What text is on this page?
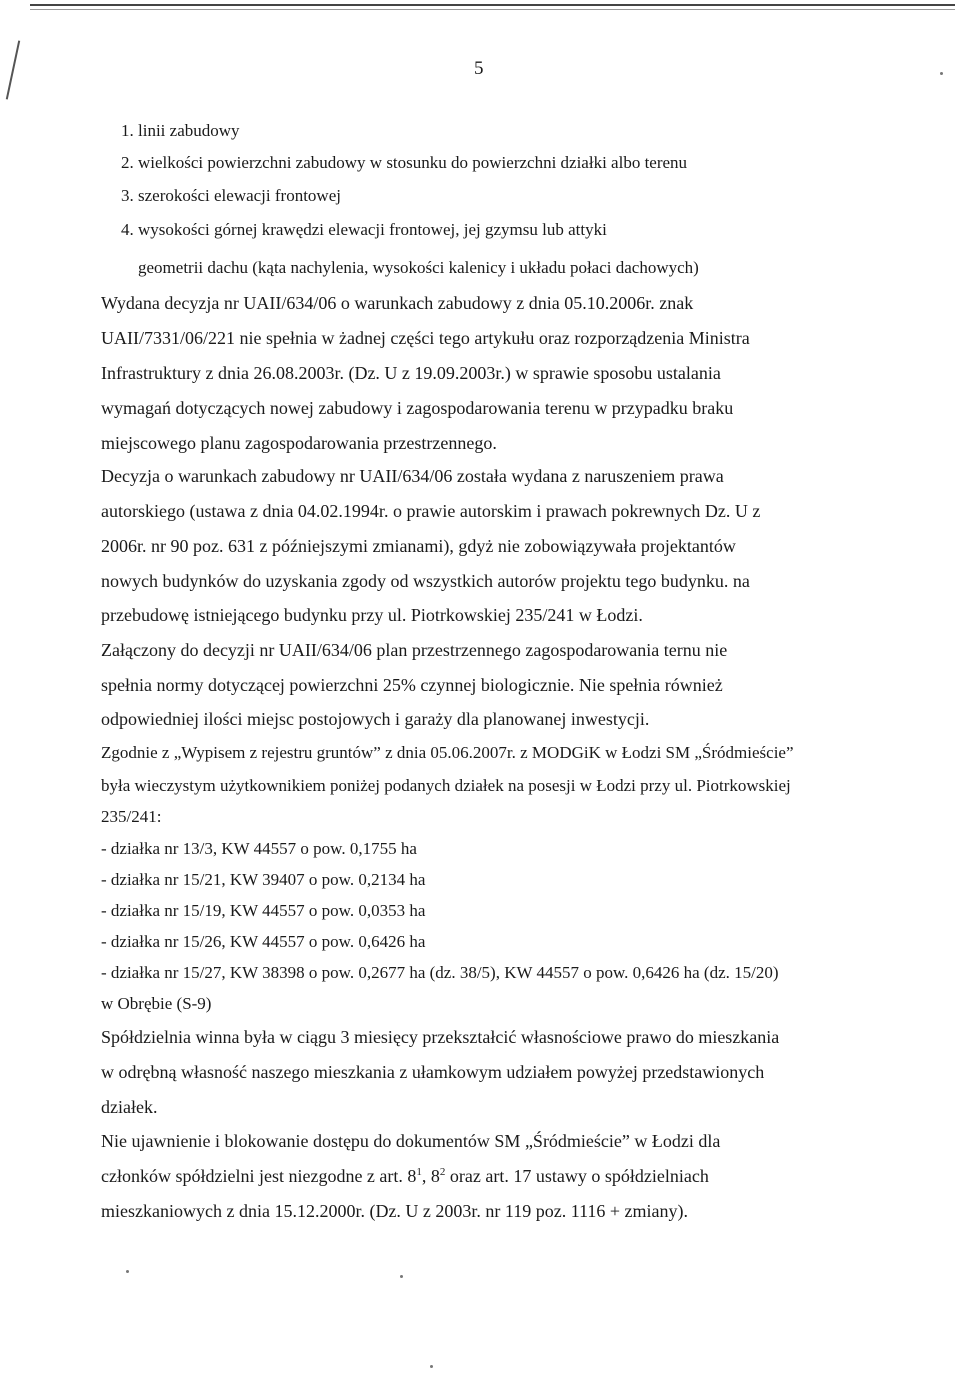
5
1. linii zabudowy
2. wielkości powierzchni zabudowy w stosunku do powierzchni działki albo terenu
3. szerokości elewacji frontowej
4. wysokości górnej krawędzi elewacji frontowej, jej gzymsu lub attyki
geometrii dachu (kąta nachylenia, wysokości kalenicy i układu połaci dachowych)
Wydana decyzja nr UAII/634/06 o warunkach zabudowy z dnia 05.10.2006r. znak
UAII/7331/06/221 nie spełnia w żadnej części tego artykułu oraz rozporządzenia Ministra
Infrastruktury z dnia 26.08.2003r. (Dz. U z 19.09.2003r.) w sprawie sposobu ustalania
wymagań dotyczących nowej zabudowy i zagospodarowania terenu w przypadku braku
miejscowego planu zagospodarowania przestrzennego.
Decyzja o warunkach zabudowy nr UAII/634/06 została wydana z naruszeniem prawa
autorskiego (ustawa z dnia 04.02.1994r. o prawie autorskim i prawach pokrewnych Dz. U z
2006r. nr 90 poz. 631 z późniejszymi zmianami), gdyż nie zobowiązywała projektantów
nowych budynków do uzyskania zgody od wszystkich autorów projektu tego budynku. na
przebudowę istniejącego budynku przy ul. Piotrkowskiej 235/241 w Łodzi.
Załączony do decyzji nr UAII/634/06 plan przestrzennego zagospodarowania ternu nie
spełnia normy dotyczącej powierzchni 25% czynnej biologicznie. Nie spełnia również
odpowiedniej ilości miejsc postojowych i garaży dla planowanej inwestycji.
Zgodnie z „Wypisem z rejestru gruntów” z dnia 05.06.2007r. z MODGiK w Łodzi SM „Śródmieście”
była wieczystym użytkownikiem poniżej podanych działek na posesji w Łodzi przy ul. Piotrkowskiej
235/241:
- działka nr 13/3, KW 44557 o pow. 0,1755 ha
- działka nr 15/21, KW 39407 o pow. 0,2134 ha
- działka nr 15/19, KW 44557 o pow. 0,0353 ha
- działka nr 15/26, KW 44557 o pow. 0,6426 ha
- działka nr 15/27, KW 38398 o pow. 0,2677 ha (dz. 38/5), KW 44557 o pow. 0,6426 ha (dz. 15/20)
w Obrębie (S-9)
Spółdzielnia winna była w ciągu 3 miesięcy przekształcić własnościowe prawo do mieszkania
w odrębną własność naszego mieszkania z ułamkowym udziałem powyżej przedstawionych
działek.
Nie ujawnienie i blokowanie dostępu do dokumentów SM „Śródmieście” w Łodzi dla
członków spółdzielni jest niezgodne z art. $8^1$, $8^2$ oraz art. 17 ustawy o spółdzielniach
mieszkaniowych z dnia 15.12.2000r. (Dz. U z 2003r. nr 119 poz. 1116 + zmiany).
